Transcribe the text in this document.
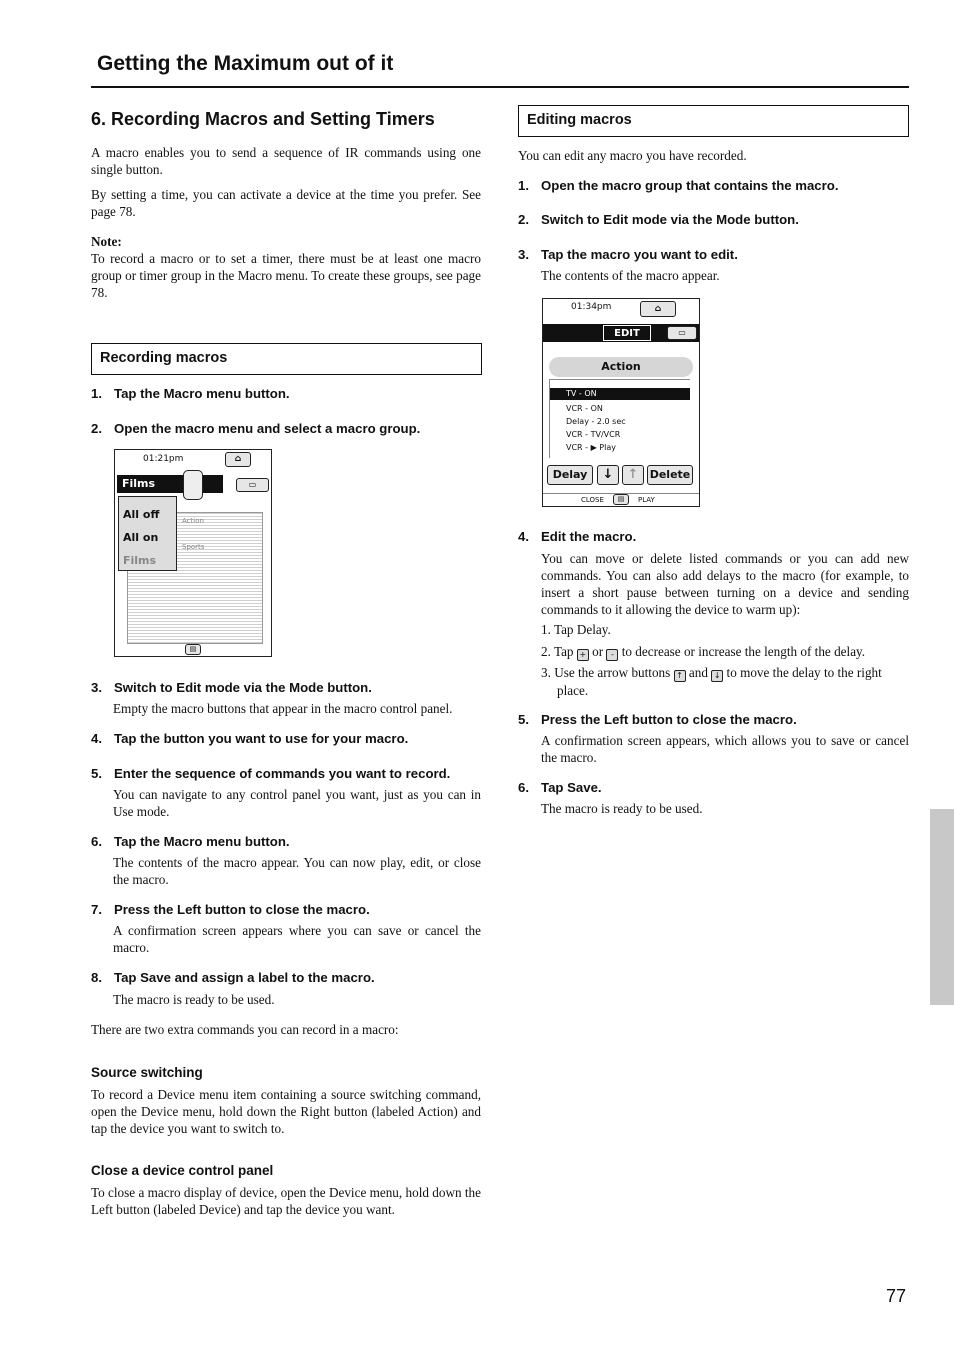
Getting the Maximum out of it
6. Recording Macros and Setting Timers
A macro enables you to send a sequence of IR commands using one single button.
By setting a time, you can activate a device at the time you prefer. See page 78.
Note:
To record a macro or to set a timer, there must be at least one macro group or timer group in the Macro menu. To create these groups, see page 78.
Recording macros
1. Tap the Macro menu button.
2. Open the macro menu and select a macro group.
01:21pm	⌂
Films	▭
Action
Sports
All off
All on
Films
▤
3. Switch to Edit mode via the Mode button.
Empty the macro buttons that appear in the macro control panel.
4. Tap the button you want to use for your macro.
5. Enter the sequence of commands you want to record.
You can navigate to any control panel you want, just as you can in Use mode.
6. Tap the Macro menu button.
The contents of the macro appear. You can now play, edit, or close the macro.
7. Press the Left button to close the macro.
A confirmation screen appears where you can save or cancel the macro.
8. Tap Save and assign a label to the macro.
The macro is ready to be used.
There are two extra commands you can record in a macro:
Source switching
To record a Device menu item containing a source switching command, open the Device menu, hold down the Right button (labeled Action) and tap the device you want to switch to.
Close a device control panel
To close a macro display of device, open the Device menu, hold down the Left button (labeled Device) and tap the device you want.
Editing macros
You can edit any macro you have recorded.
1. Open the macro group that contains the macro.
2. Switch to Edit mode via the Mode button.
3. Tap the macro you want to edit.
The contents of the macro appear.
01:34pm	⌂
EDIT	▭
Action
TV - ON
VCR - ON
Delay - 2.0 sec
VCR - TV/VCR
VCR - ▶ Play
Delay	↓	↑	Delete
CLOSE	▤	PLAY
4. Edit the macro.
You can move or delete listed commands or you can add new commands. You can also add delays to the macro (for example, to insert a short pause between turning on a device and sending commands to it allowing the device to warm up):
1. Tap Delay.
2. Tap + or - to decrease or increase the length of the delay.
3. Use the arrow buttons ↑ and ↓ to move the delay to the right place.
5. Press the Left button to close the macro.
A confirmation screen appears, which allows you to save or cancel the macro.
6. Tap Save.
The macro is ready to be used.
77
